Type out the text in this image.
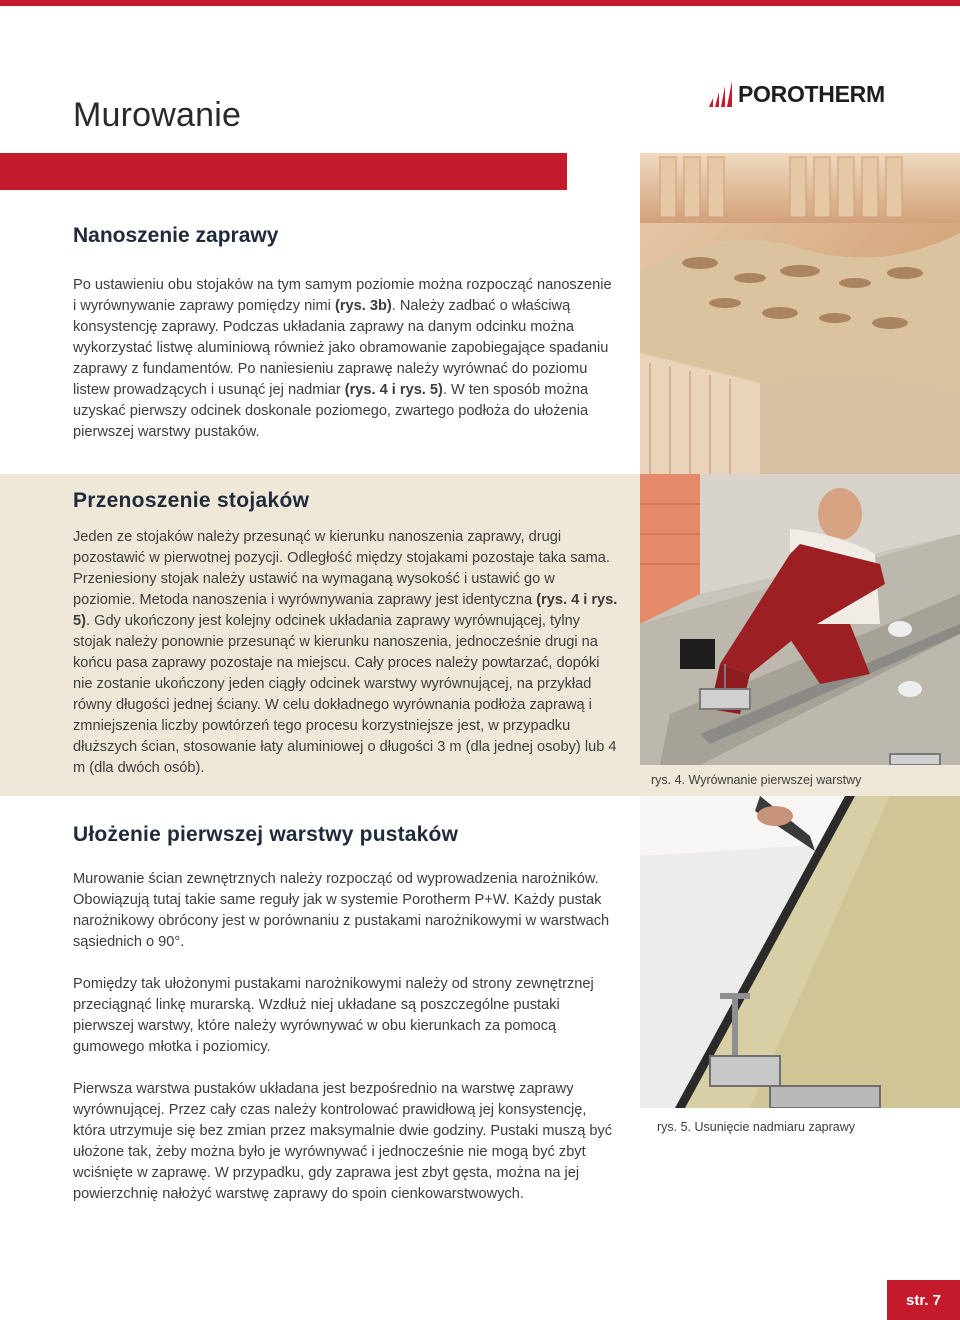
Murowanie
POROTHERM
Nanoszenie zaprawy

Po ustawieniu obu stojaków na tym samym poziomie można rozpocząć nanoszenie i wyrównywanie zaprawy pomiędzy nimi (rys. 3b). Należy zadbać o właściwą konsystencję zaprawy. Podczas układania zaprawy na danym odcinku można wykorzystać listwę aluminiową również jako obramowanie zapobiegające spadaniu zaprawy z fundamentów. Po naniesieniu zaprawę należy wyrównać do poziomu listew prowadzących i usunąć jej nadmiar (rys. 4 i rys. 5). W ten sposób można uzyskać pierwszy odcinek doskonale poziomego, zwartego podłoża do ułożenia pierwszej warstwy pustaków.

Przenoszenie stojaków

Jeden ze stojaków należy przesunąć w kierunku nanoszenia zaprawy, drugi pozostawić w pierwotnej pozycji. Odległość między stojakami pozostaje taka sama. Przeniesiony stojak należy ustawić na wymaganą wysokość i ustawić go w poziomie. Metoda nanoszenia i wyrównywania zaprawy jest identyczna (rys. 4 i rys. 5). Gdy ukończony jest kolejny odcinek układania zaprawy wyrównującej, tylny stojak należy ponownie przesunąć w kierunku nanoszenia, jednocześnie drugi na końcu pasa zaprawy pozostaje na miejscu. Cały proces należy powtarzać, dopóki nie zostanie ukończony jeden ciągły odcinek warstwy wyrównującej, na przykład równy długości jednej ściany. W celu dokładnego wyrównania podłoża zaprawą i zmniejszenia liczby powtórzeń tego procesu korzystniejsze jest, w przypadku dłuższych ścian, stosowanie łaty aluminiowej o długości 3 m (dla jednej osoby) lub 4 m (dla dwóch osób).

rys. 4. Wyrównanie pierwszej warstwy
Ułożenie pierwszej warstwy pustaków

Murowanie ścian zewnętrznych należy rozpocząć od wyprowadzenia narożników. Obowiązują tutaj takie same reguły jak w systemie Porotherm P+W. Każdy pustak narożnikowy obrócony jest w porównaniu z pustakami narożnikowymi w warstwach sąsiednich o 90°.

Pomiędzy tak ułożonymi pustakami narożnikowymi należy od strony zewnętrznej przeciągnąć linkę murarską. Wzdłuż niej układane są poszczególne pustaki pierwszej warstwy, które należy wyrównywać w obu kierunkach za pomocą gumowego młotka i poziomicy.

Pierwsza warstwa pustaków układana jest bezpośrednio na warstwę zaprawy wyrównującej. Przez cały czas należy kontrolować prawidłową jej konsystencję, która utrzymuje się bez zmian przez maksymalnie dwie godziny. Pustaki muszą być ułożone tak, żeby można było je wyrównywać i jednocześnie nie mogą być zbyt wciśnięte w zaprawę. W przypadku, gdy zaprawa jest zbyt gęsta, można na jej powierzchnię nałożyć warstwę zaprawy do spoin cienkowarstwowych.

rys. 5. Usunięcie nadmiaru zaprawy
str. 7
